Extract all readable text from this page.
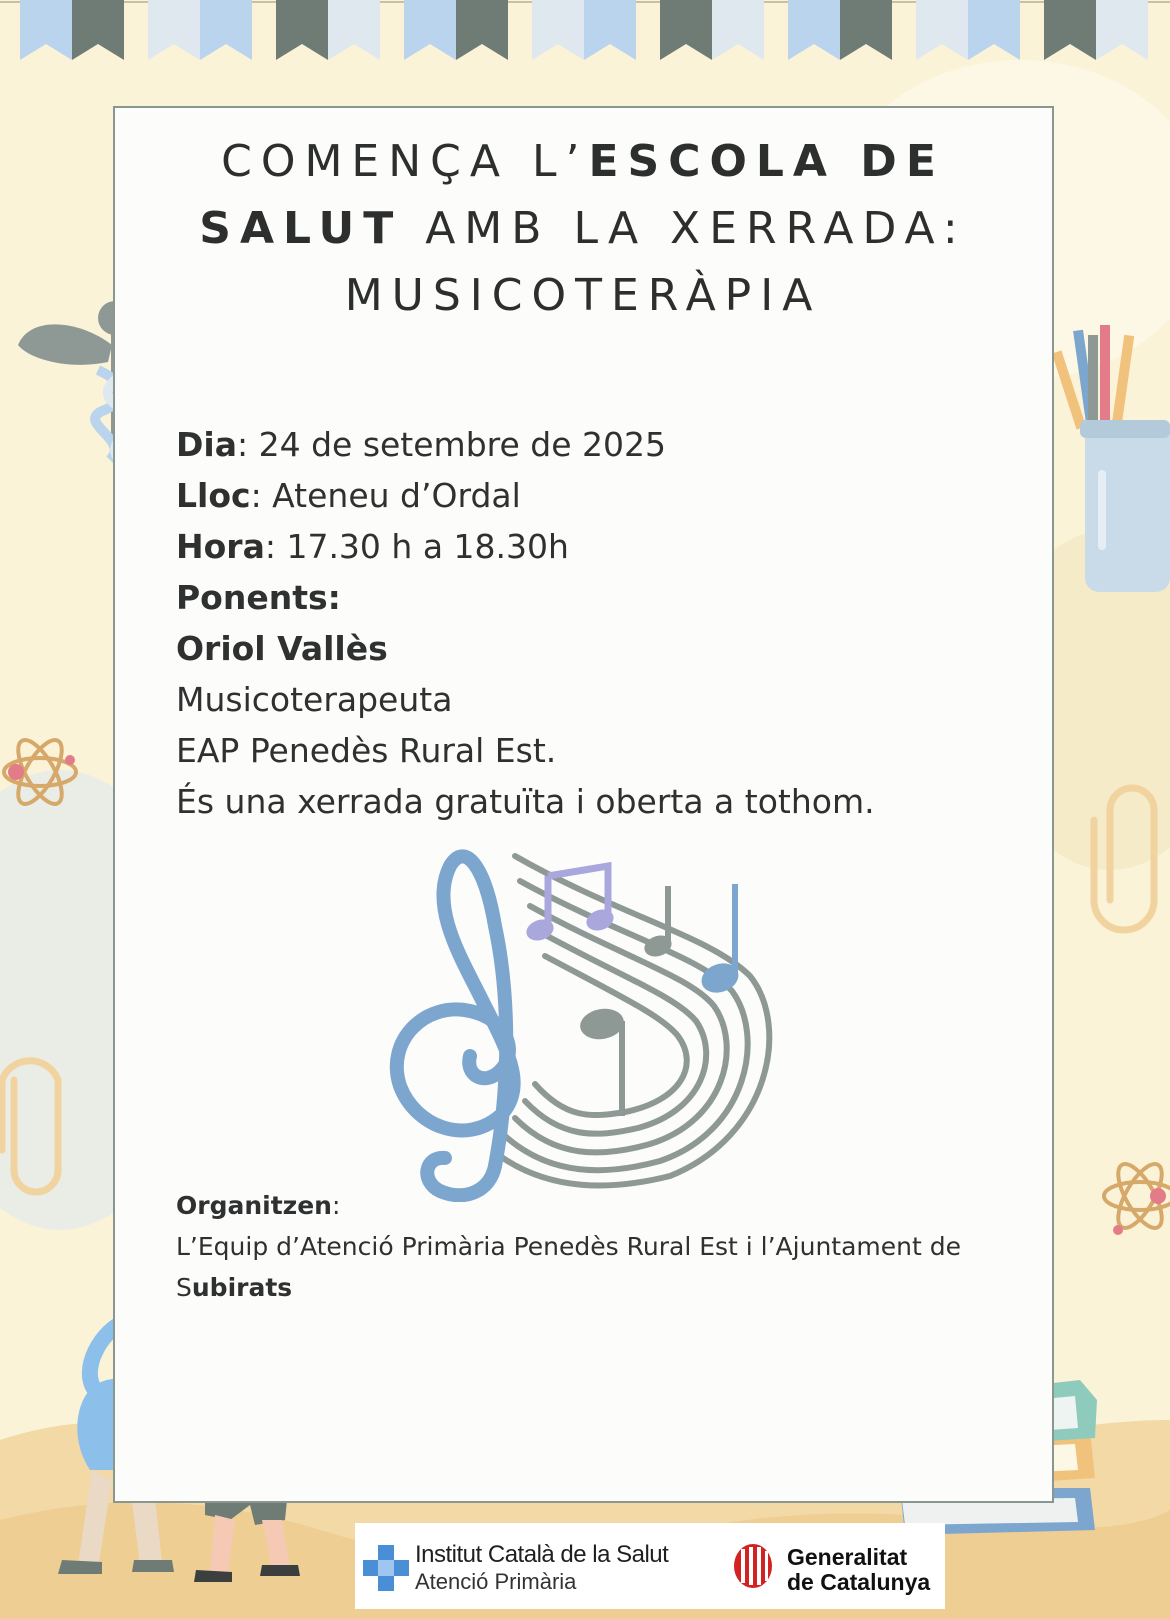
COMENÇA L’ESCOLA DE
SALUT AMB LA XERRADA:
MUSICOTERÀPIA
Dia: 24 de setembre de 2025
Lloc: Ateneu d’Ordal
Hora: 17.30 h a 18.30h
Ponents:
Oriol Vallès
Musicoterapeuta
EAP Penedès Rural Est.
És una xerrada gratuïta i oberta a tothom.
Organitzen:
L’Equip d’Atenció Primària Penedès Rural Est i l’Ajuntament de
Subirats
Institut Català de la Salut
Atenció Primària
Generalitat
de Catalunya
